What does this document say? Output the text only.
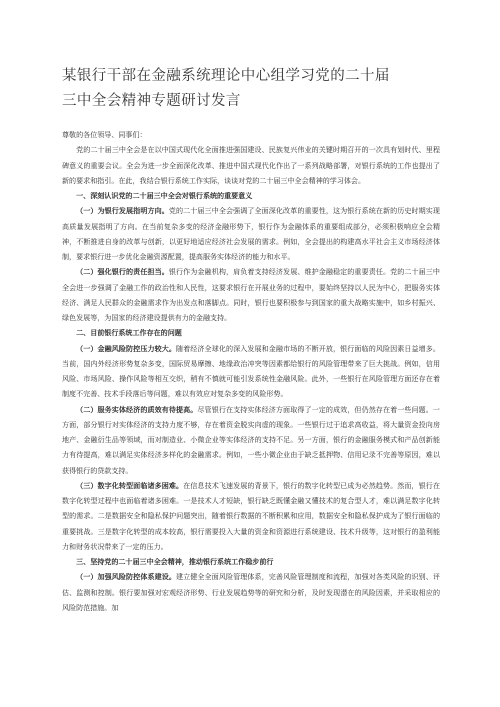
某银行干部在金融系统理论中心组学习党的二十届
三中全会精神专题研讨发言

尊敬的各位领导、同事们：

党的二十届三中全会是在以中国式现代化全面推进强国建设、民族复兴伟业的关键时期召开的一次具有划时代、里程碑意义的重要会议。全会为进一步全面深化改革、推进中国式现代化作出了一系列战略部署，对银行系统的工作也提出了新的要求和指引。在此，我结合银行系统工作实际，谈谈对党的二十届三中全会精神的学习体会。

一、深刻认识党的二十届三中全会对银行系统的重要意义

（一）为银行发展指明方向。党的二十届三中全会强调了全面深化改革的重要性，这为银行系统在新的历史时期实现高质量发展指明了方向。在当前复杂多变的经济金融形势下，银行作为金融体系的重要组成部分，必须积极响应全会精神，不断推进自身的改革与创新，以更好地适应经济社会发展的需求。例如，全会提出的构建高水平社会主义市场经济体制，要求银行进一步优化金融资源配置，提高服务实体经济的能力和水平。

（二）强化银行的责任担当。银行作为金融机构，肩负着支持经济发展、维护金融稳定的重要责任。党的二十届三中全会进一步强调了金融工作的政治性和人民性，这要求银行在开展业务的过程中，要始终坚持以人民为中心，把服务实体经济、满足人民群众的金融需求作为出发点和落脚点。同时，银行也要积极参与到国家的重大战略实施中，如乡村振兴、绿色发展等，为国家的经济建设提供有力的金融支持。

二、目前银行系统工作存在的问题

（一）金融风险防控压力较大。随着经济全球化的深入发展和金融市场的不断开放，银行面临的风险因素日益增多。当前，国内外经济形势复杂多变，国际贸易摩擦、地缘政治冲突等因素都给银行的风险管理带来了巨大挑战。例如，信用风险、市场风险、操作风险等相互交织，稍有不慎就可能引发系统性金融风险。此外，一些银行在风险管理方面还存在着制度不完善、技术手段落后等问题，难以有效应对复杂多变的风险形势。

（二）服务实体经济的质效有待提高。尽管银行在支持实体经济方面取得了一定的成效，但仍然存在着一些问题。一方面，部分银行对实体经济的支持力度不够，存在着资金脱实向虚的现象。一些银行过于追求高收益，将大量资金投向房地产、金融衍生品等领域，而对制造业、小微企业等实体经济的支持不足。另一方面，银行的金融服务模式和产品创新能力有待提高，难以满足实体经济多样化的金融需求。例如，一些小微企业由于缺乏抵押物、信用记录不完善等原因，难以获得银行的贷款支持。

（三）数字化转型面临诸多困难。在信息技术飞速发展的背景下，银行的数字化转型已成为必然趋势。然而，银行在数字化转型过程中也面临着诸多困难。一是技术人才短缺，银行缺乏既懂金融又懂技术的复合型人才，难以满足数字化转型的需求。二是数据安全和隐私保护问题突出，随着银行数据的不断积累和应用，数据安全和隐私保护成为了银行面临的重要挑战。三是数字化转型的成本较高，银行需要投入大量的资金和资源进行系统建设、技术升级等，这对银行的盈利能力和财务状况带来了一定的压力。

三、坚持党的二十届三中全会精神，推动银行系统工作稳步前行

（一）加强风险防控体系建设。建立健全全面风险管理体系，完善风险管理制度和流程，加强对各类风险的识别、评估、监测和控制。银行要加强对宏观经济形势、行业发展趋势等的研究和分析，及时发现潜在的风险因素，并采取相应的风险防范措施。加
